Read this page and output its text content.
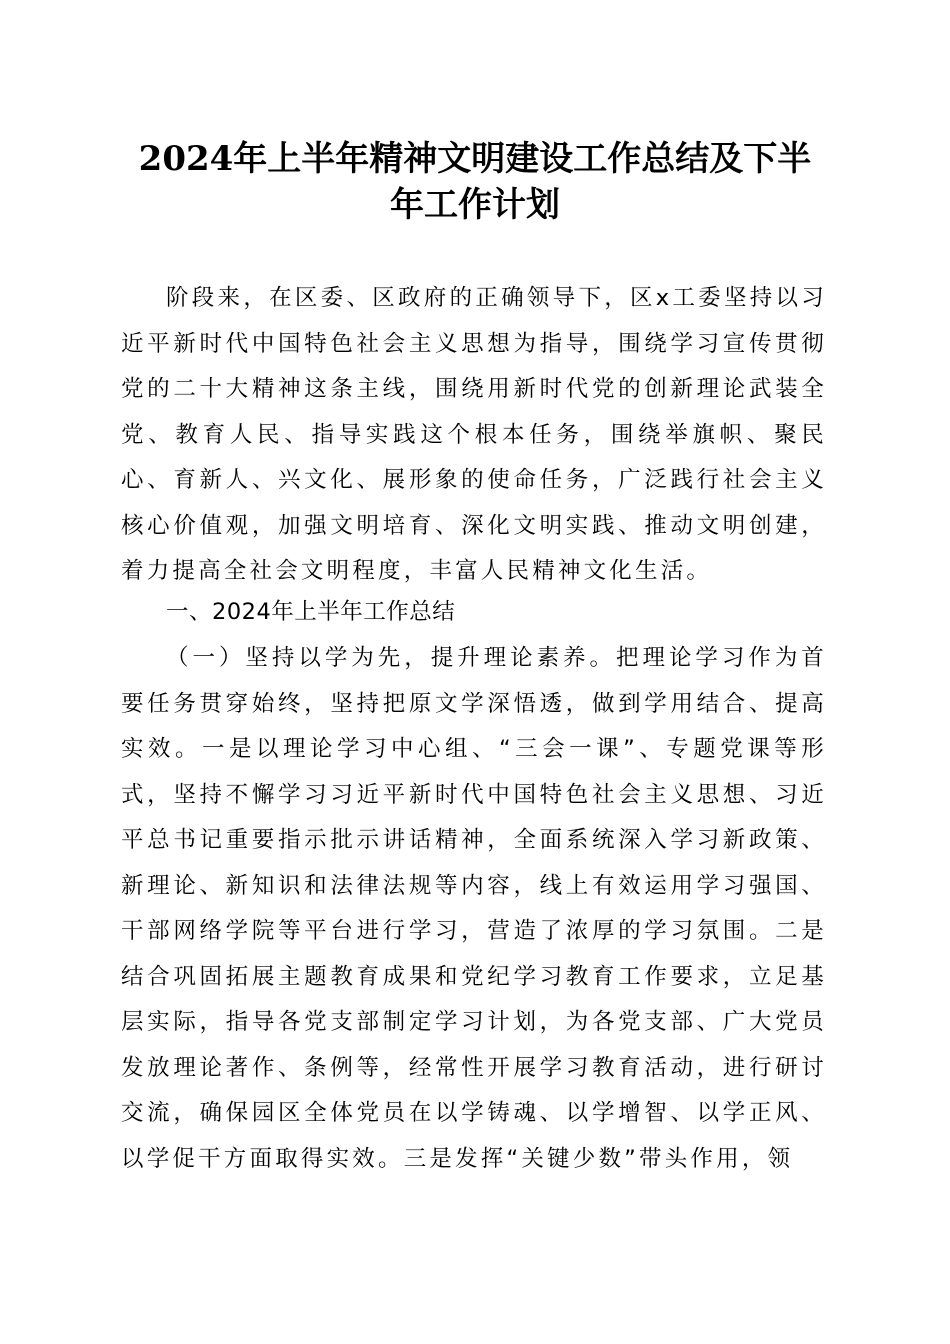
2024年上半年精神文明建设工作总结及下半
年工作计划

阶段来，在区委、区政府的正确领导下，区x工委坚持以习近平新时代中国特色社会主义思想为指导，围绕学习宣传贯彻党的二十大精神这条主线，围绕用新时代党的创新理论武装全党、教育人民、指导实践这个根本任务，围绕举旗帜、聚民心、育新人、兴文化、展形象的使命任务，广泛践行社会主义核心价值观，加强文明培育、深化文明实践、推动文明创建，着力提高全社会文明程度，丰富人民精神文化生活。

一、2024年上半年工作总结

（一）坚持以学为先，提升理论素养。把理论学习作为首要任务贯穿始终，坚持把原文学深悟透，做到学用结合、提高实效。一是以理论学习中心组、“三会一课”、专题党课等形式，坚持不懈学习习近平新时代中国特色社会主义思想、习近平总书记重要指示批示讲话精神，全面系统深入学习新政策、新理论、新知识和法律法规等内容，线上有效运用学习强国、干部网络学院等平台进行学习，营造了浓厚的学习氛围。二是结合巩固拓展主题教育成果和党纪学习教育工作要求，立足基层实际，指导各党支部制定学习计划，为各党支部、广大党员发放理论著作、条例等，经常性开展学习教育活动，进行研讨交流，确保园区全体党员在以学铸魂、以学增智、以学正风、以学促干方面取得实效。三是发挥“关键少数”带头作用，领
